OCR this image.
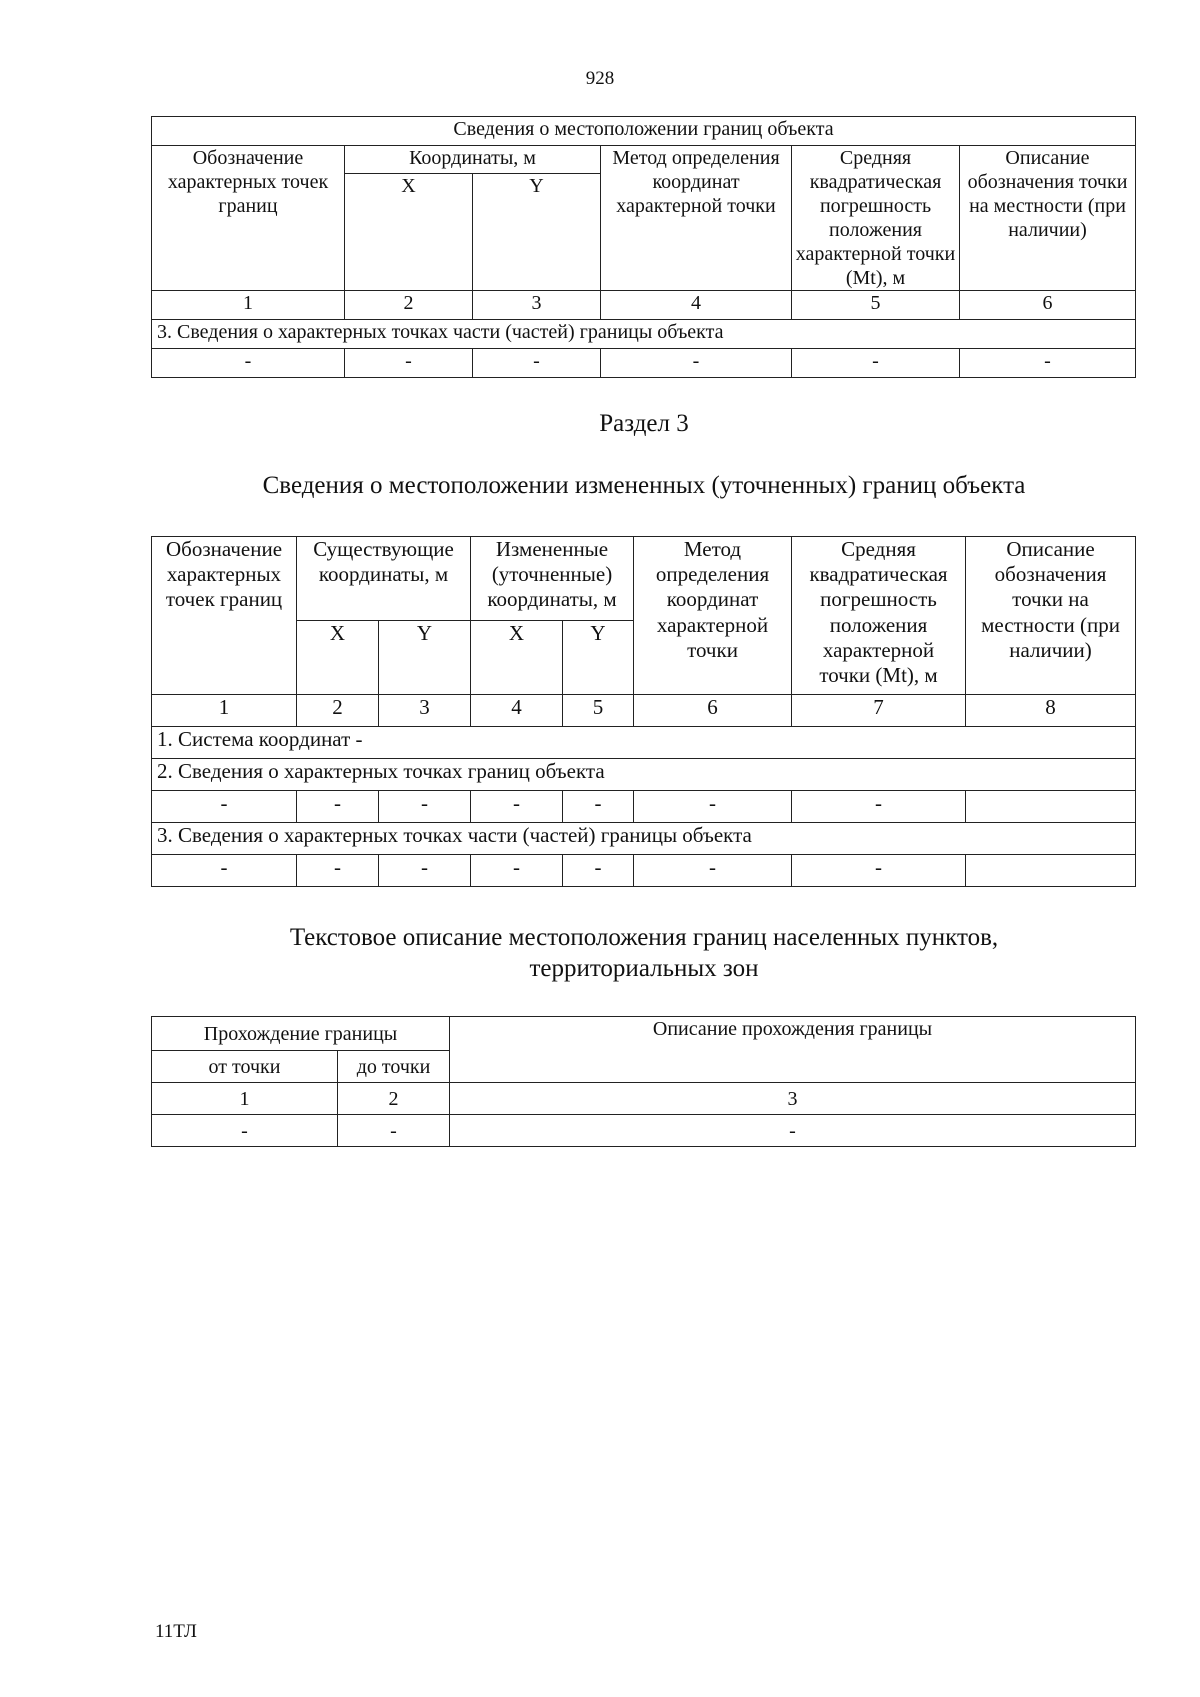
928
Сведения о местоположении границ объекта					
Обозначение характерных точек границ	Координаты, м		Метод определения координат характерной точки	Средняя квадратическая погрешность положения характерной точки (Mt), м	Описание обозначения точки на местности (при наличии)
	X	Y			
1	2	3	4	5	6
3. Сведения о характерных точках части (частей) границы объекта					
-	-	-	-	-	-
Раздел 3
Сведения о местоположении измененных (уточненных) границ объекта
Обозначение характерных точек границ	Существующие координаты, м		Измененные (уточненные) координаты, м		Метод определения координат характерной точки	Средняя квадратическая погрешность положения характерной точки (Mt), м	Описание обозначения точки на местности (при наличии)
	X	Y	X	Y			
1	2	3	4	5	6	7	8
1. Система координат -							
2. Сведения о характерных точках границ объекта							
-	-	-	-	-	-	-	
3. Сведения о характерных точках части (частей) границы объекта							
-	-	-	-	-	-	-	
Текстовое описание местоположения границ населенных пунктов,
территориальных зон
Прохождение границы		Описание прохождения границы
от точки	до точки	
1	2	3
-	-	-
11ТЛ
